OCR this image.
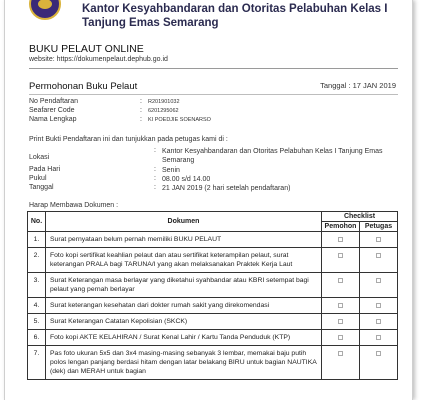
Kantor Kesyahbandaran dan Otoritas Pelabuhan Kelas I Tanjung Emas Semarang
BUKU PELAUT ONLINE
website: https://dokumenpelaut.dephub.go.id
Permohonan Buku Pelaut	Tanggal : 17 JAN 2019
No Pendaftaran	: R201901032
Seafarer Code	: 6201295062
Nama Lengkap	: KI POEDJIE SOENARSO
Print Bukti Pendaftaran ini dan tunjukkan pada petugas kami di :
Lokasi
: Kantor Kesyahbandaran dan Otoritas Pelabuhan Kelas I Tanjung Emas Semarang
Pada Hari	: Senin
Pukul	: 08.00 s/d 14.00
Tanggal	: 21 JAN 2019 (2 hari setelah pendaftaran)
Harap Membawa Dokumen :
No.	Dokumen	Checklist	
		Pemohon	Petugas
1.	Surat pernyataan belum pernah memiliki BUKU PELAUT		
2.	Foto kopi sertifikat keahlian pelaut dan atau sertifikat keterampilan pelaut, surat keterangan PRALA bagi TARUNA/I yang akan melaksanakan Praktek Kerja Laut		
3.	Surat Keterangan masa berlayar yang diketahui syahbandar atau KBRI setempat bagi pelaut yang pernah berlayar		
4.	Surat keterangan kesehatan dari dokter rumah sakit yang direkomendasi		
5.	Surat Keterangan Catatan Kepolisian (SKCK)		
6.	Foto kopi AKTE KELAHIRAN / Surat Kenal Lahir / Kartu Tanda Penduduk (KTP)		
7.	Pas foto ukuran 5x5 dan 3x4 masing-masing sebanyak 3 lembar, memakai baju putih polos lengan panjang berdasi hitam dengan latar belakang BIRU untuk bagian NAUTIKA (dek) dan MERAH untuk bagian		
